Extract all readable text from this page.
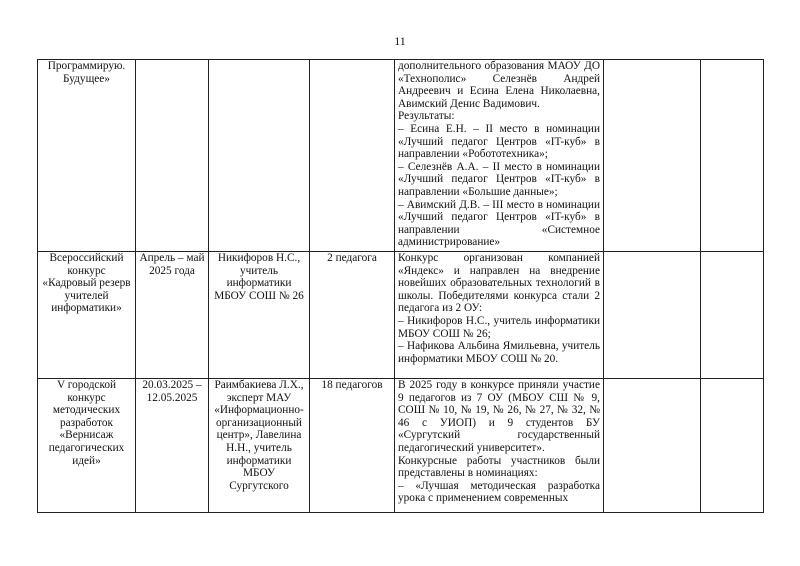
11
Программирую. Будущее»				дополнительного образования МАОУ ДО «Технополис» Селезнёв Андрей Андреевич и Есина Елена Николаевна, Авимский Денис Вадимович.
Результаты:
– Есина Е.Н. – II место в номинации «Лучший педагог Центров «IT-куб» в направлении «Робототехника»;
– Селезнёв А.А. – II место в номинации «Лучший педагог Центров «IT-куб» в направлении «Большие данные»;
– Авимский Д.В. – III место в номинации «Лучший педагог Центров «IT-куб» в направлении «Системное администрирование»		

Всероссийский конкурс «Кадровый резерв учителей информатики»	Апрель – май 2025 года	Никифоров Н.С., учитель информатики МБОУ СОШ № 26	2 педагога	Конкурс организован компанией «Яндекс» и направлен на внедрение новейших образовательных технологий в школы. Победителями конкурса стали 2 педагога из 2 ОУ:
– Никифоров Н.С., учитель информатики МБОУ СОШ № 26;
– Нафикова Альбина Ямильевна, учитель информатики МБОУ СОШ № 20.		

V городской конкурс методических разработок «Вернисаж педагогических идей»	20.03.2025 – 12.05.2025	Раимбакиева Л.Х., эксперт МАУ «Информационно-организационный центр», Лавелина Н.Н., учитель информатики МБОУ Сургутского	18 педагогов	В 2025 году в конкурсе приняли участие 9 педагогов из 7 ОУ (МБОУ СШ № 9, СОШ № 10, № 19, № 26, № 27, № 32, № 46 с УИОП) и 9 студентов БУ «Сургутский государственный педагогический университет».
Конкурсные работы участников были представлены в номинациях:
– «Лучшая методическая разработка урока с применением современных		
